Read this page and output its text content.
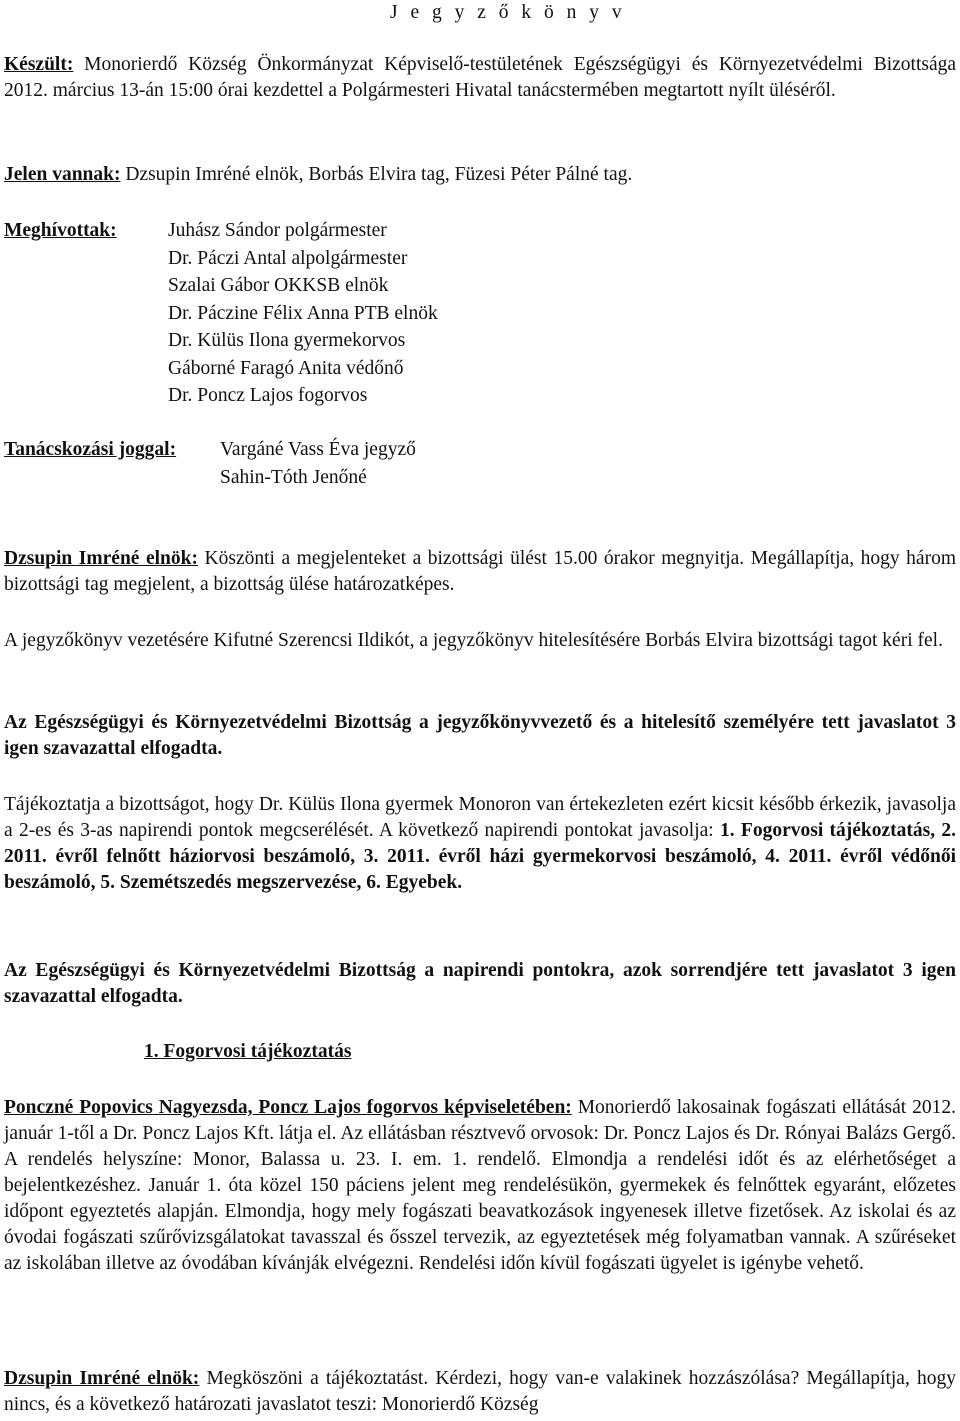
J e g y z ő k ö n y v
Készült: Monorierdő Község Önkormányzat Képviselő-testületének Egészségügyi és Környezetvédelmi Bizottsága 2012. március 13-án 15:00 órai kezdettel a Polgármesteri Hivatal tanácstermében megtartott nyílt üléséről.
Jelen vannak: Dzsupin Imréné elnök, Borbás Elvira tag, Füzesi Péter Pálné tag.
Meghívottak:	Juhász Sándor polgármester
Dr. Páczi Antal alpolgármester
Szalai Gábor OKKSB elnök
Dr. Páczine Félix Anna PTB elnök
Dr. Külüs Ilona gyermekorvos
Gáborné Faragó Anita védőnő
Dr. Poncz Lajos fogorvos
Tanácskozási joggal:	Vargáné Vass Éva jegyző
Sahin-Tóth Jenőné
Dzsupin Imréné elnök: Köszönti a megjelenteket a bizottsági ülést 15.00 órakor megnyitja. Megállapítja, hogy három bizottsági tag megjelent, a bizottság ülése határozatképes.
A jegyzőkönyv vezetésére Kifutné Szerencsi Ildikót, a jegyzőkönyv hitelesítésére Borbás Elvira bizottsági tagot kéri fel.
Az Egészségügyi és Környezetvédelmi Bizottság a jegyzőkönyvvezető és a hitelesítő személyére tett javaslatot 3 igen szavazattal elfogadta.
Tájékoztatja a bizottságot, hogy Dr. Külüs Ilona gyermek Monoron van értekezleten ezért kicsit később érkezik, javasolja a 2-es és 3-as napirendi pontok megcserélését. A következő napirendi pontokat javasolja: 1. Fogorvosi tájékoztatás, 2. 2011. évről felnőtt háziorvosi beszámoló, 3. 2011. évről házi gyermekorvosi beszámoló, 4. 2011. évről védőnői beszámoló, 5. Szemétszedés megszervezése, 6. Egyebek.
Az Egészségügyi és Környezetvédelmi Bizottság a napirendi pontokra, azok sorrendjére tett javaslatot 3 igen szavazattal elfogadta.
1. Fogorvosi tájékoztatás
Ponczné Popovics Nagyezsda, Poncz Lajos fogorvos képviseletében: Monorierdő lakosainak fogászati ellátását 2012. január 1-től a Dr. Poncz Lajos Kft. látja el. Az ellátásban résztvevő orvosok: Dr. Poncz Lajos és Dr. Rónyai Balázs Gergő. A rendelés helyszíne: Monor, Balassa u. 23. I. em. 1. rendelő. Elmondja a rendelési időt és az elérhetőséget a bejelentkezéshez. Január 1. óta közel 150 páciens jelent meg rendelésükön, gyermekek és felnőttek egyaránt, előzetes időpont egyeztetés alapján. Elmondja, hogy mely fogászati beavatkozások ingyenesek illetve fizetősek. Az iskolai és az óvodai fogászati szűrővizsgálatokat tavasszal és ősszel tervezik, az egyeztetések még folyamatban vannak. A szűréseket az iskolában illetve az óvodában kívánják elvégezni. Rendelési időn kívül fogászati ügyelet is igénybe vehető.
Dzsupin Imréné elnök: Megköszöni a tájékoztatást. Kérdezi, hogy van-e valakinek hozzászólása? Megállapítja, hogy nincs, és a következő határozati javaslatot teszi: Monorierdő Község
